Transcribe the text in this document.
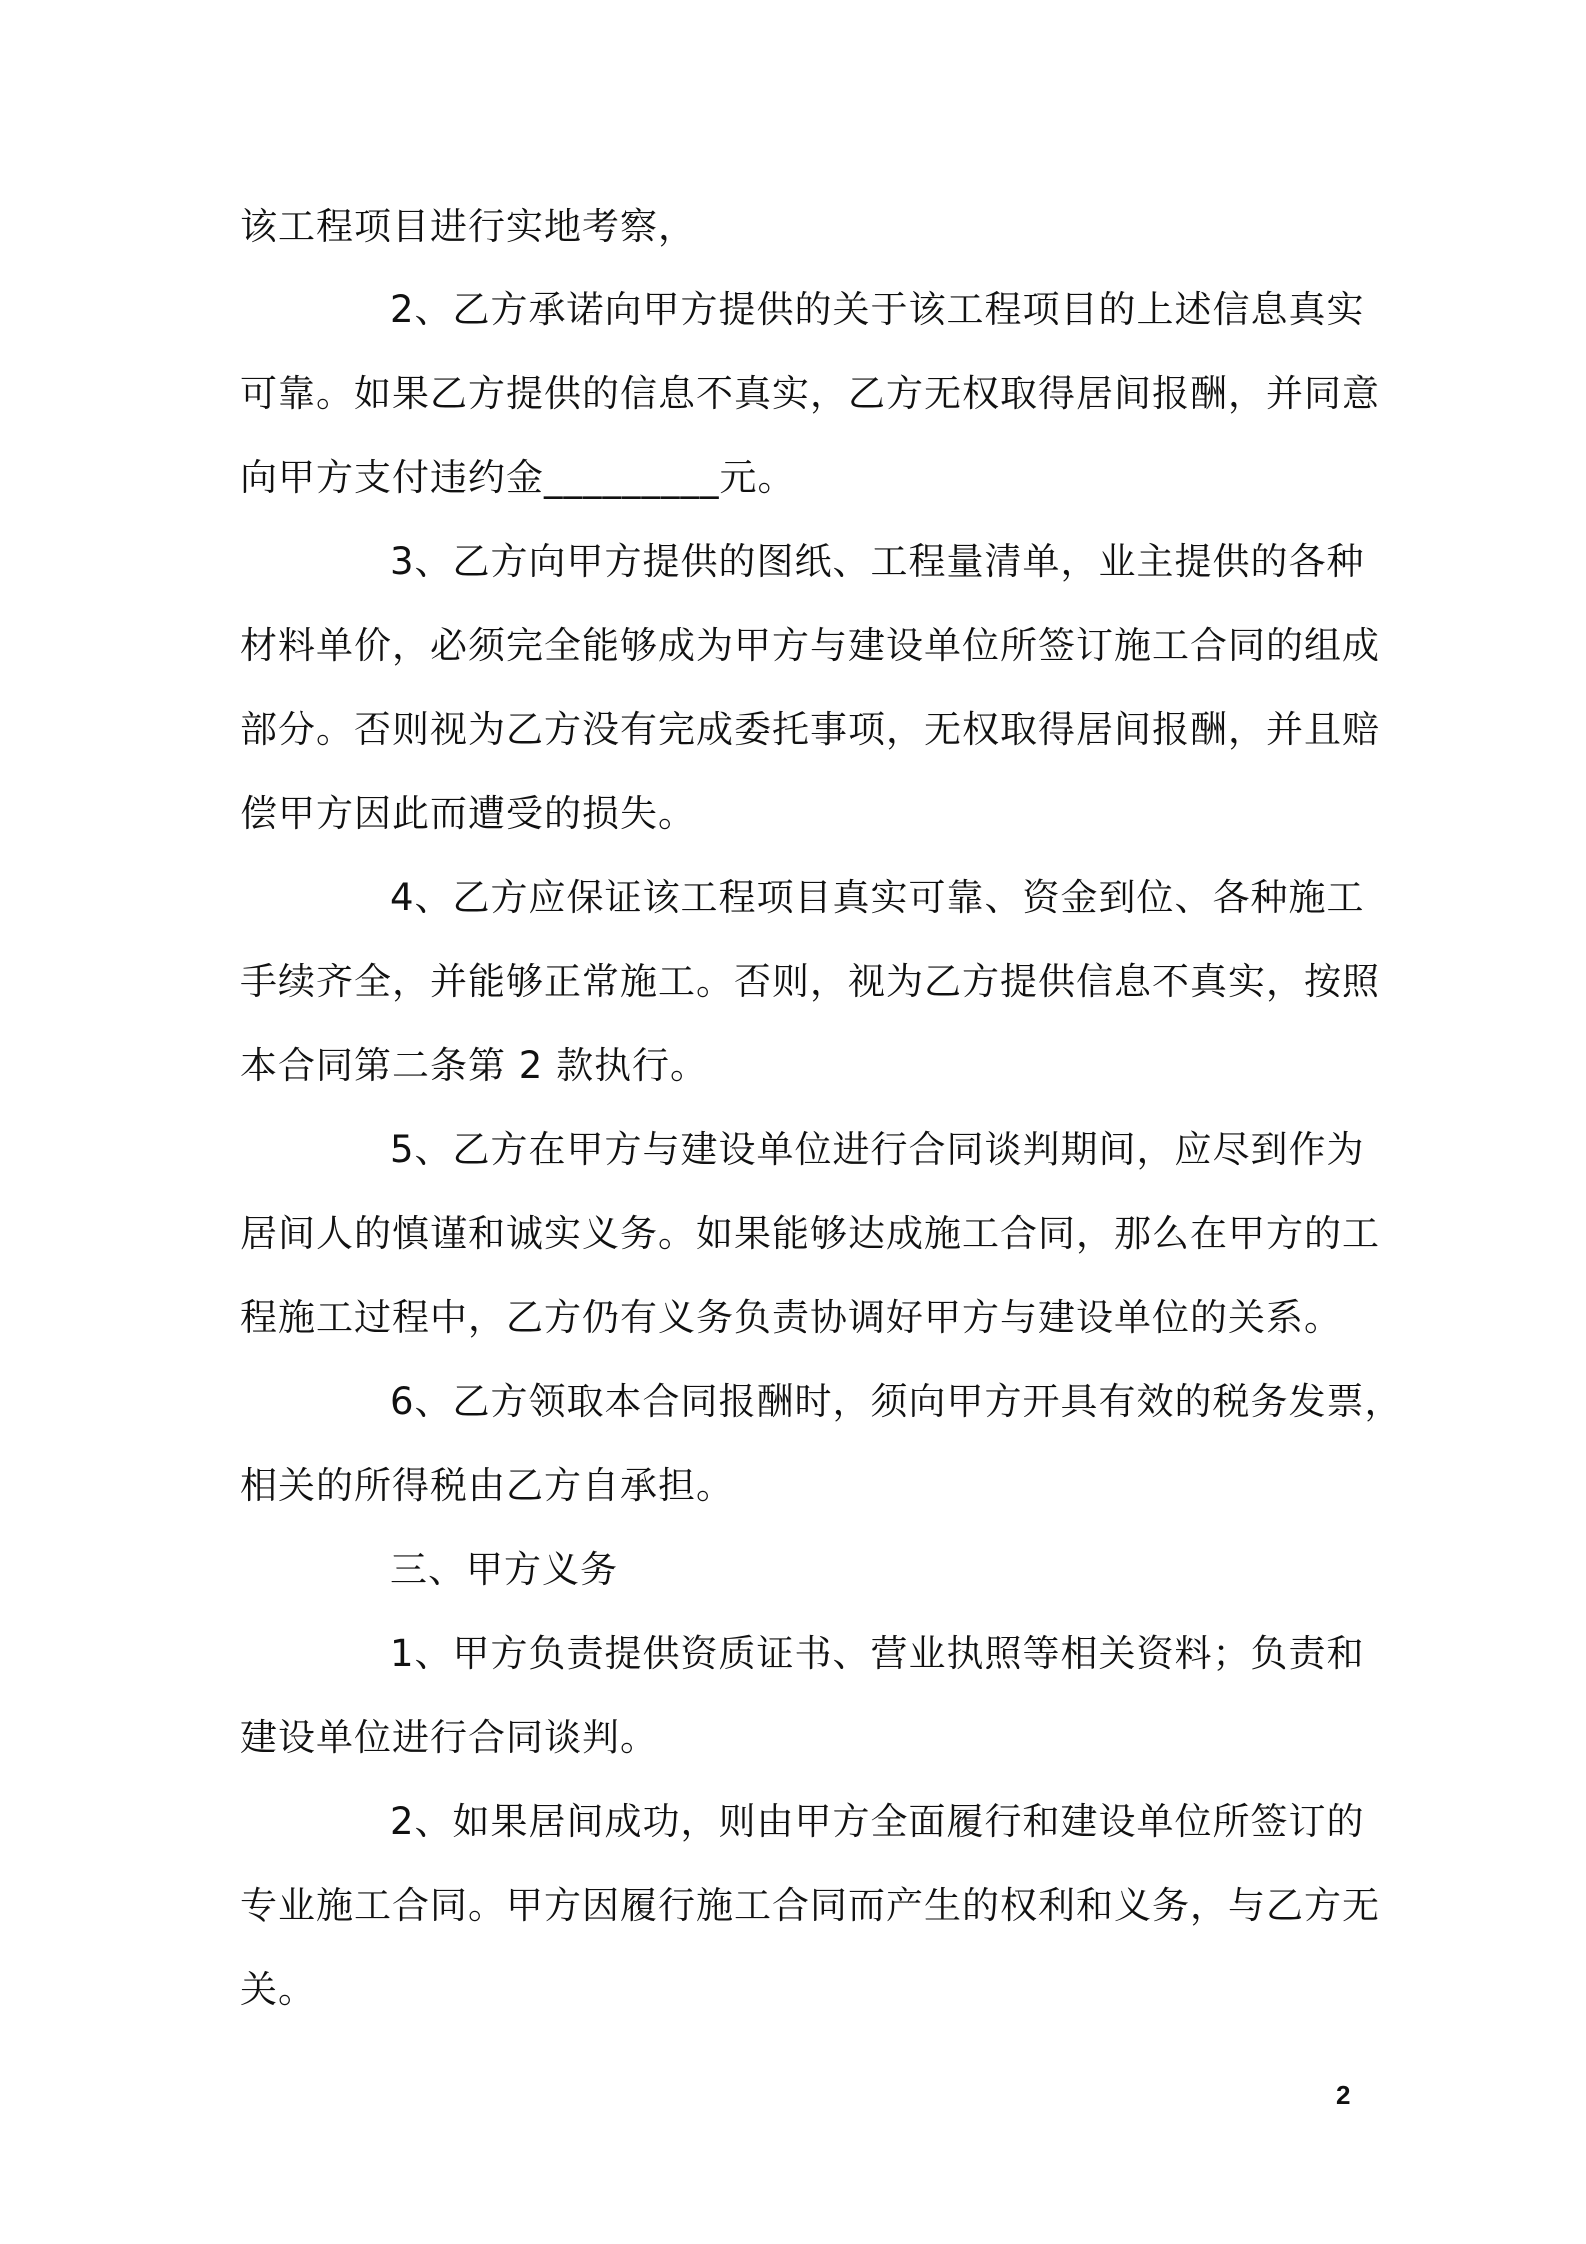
该工程项目进行实地考察，
2、乙方承诺向甲方提供的关于该工程项目的上述信息真实
可靠。如果乙方提供的信息不真实，乙方无权取得居间报酬，并同意
向甲方支付违约金_________元。
3、乙方向甲方提供的图纸、工程量清单，业主提供的各种
材料单价，必须完全能够成为甲方与建设单位所签订施工合同的组成
部分。否则视为乙方没有完成委托事项，无权取得居间报酬，并且赔
偿甲方因此而遭受的损失。
4、乙方应保证该工程项目真实可靠、资金到位、各种施工
手续齐全，并能够正常施工。否则，视为乙方提供信息不真实，按照
本合同第二条第 2 款执行。
5、乙方在甲方与建设单位进行合同谈判期间，应尽到作为
居间人的慎谨和诚实义务。如果能够达成施工合同，那么在甲方的工
程施工过程中，乙方仍有义务负责协调好甲方与建设单位的关系。
6、乙方领取本合同报酬时，须向甲方开具有效的税务发票，
相关的所得税由乙方自承担。
三、甲方义务
1、甲方负责提供资质证书、营业执照等相关资料；负责和
建设单位进行合同谈判。
2、如果居间成功，则由甲方全面履行和建设单位所签订的
专业施工合同。甲方因履行施工合同而产生的权利和义务，与乙方无
关。
2
